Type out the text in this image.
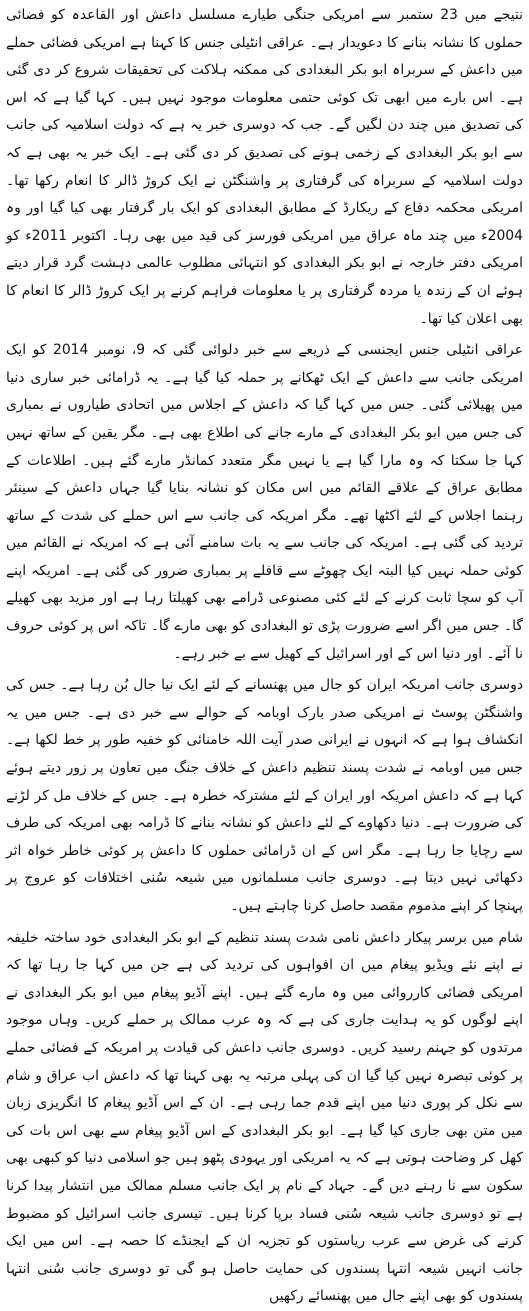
نتیجے میں 23 ستمبر سے امریکی جنگی طیارے مسلسل داعش اور القاعدہ کو فضائی حملوں کا نشانہ بنانے کا دعویدار ہے۔ عراقی انٹیلی جنس کا کہنا ہے امریکی فضائی حملے میں داعش کے سربراہ ابو بکر البغدادی کی ممکنہ ہلاکت کی تحقیقات شروع کر دی گئی ہے۔ اس بارے میں ابھی تک کوئی حتمی معلومات موجود نہیں ہیں۔ کہا گیا ہے کہ اس کی تصدیق میں چند دن لگیں گے۔ جب کہ دوسری خبر یہ ہے کہ دولت اسلامیہ کی جانب سے ابو بکر البغدادی کے زخمی ہونے کی تصدیق کر دی گئی ہے۔ ایک خبر یہ بھی ہے کہ دولت اسلامیہ کے سربراہ کی گرفتاری پر واشنگٹن نے ایک کروڑ ڈالر کا انعام رکھا تھا۔ امریکی محکمہ دفاع کے ریکارڈ کے مطابق البغدادی کو ایک بار گرفتار بھی کیا گیا اور وہ 2004ء میں چند ماہ عراق میں امریکی فورسز کی قید میں بھی رہا۔ اکتوبر 2011ء کو امریکی دفتر خارجہ نے ابو بکر البغدادی کو انتہائی مطلوب عالمی دہشت گرد قرار دیتے ہوئے ان کے زندہ یا مردہ گرفتاری پر یا معلومات فراہم کرنے پر ایک کروڑ ڈالر کا انعام کا بھی اعلان کیا تھا۔

عراقی انٹیلی جنس ایجنسی کے ذریعے سے خبر دلوائی گئی کہ 9، نومبر 2014 کو ایک امریکی جانب سے داعش کے ایک ٹھکانے پر حملہ کیا گیا ہے۔ یہ ڈرامائی خبر ساری دنیا میں پھیلائی گئی۔ جس میں کہا گیا کہ داعش کے اجلاس میں اتحادی طیاروں نے بمباری کی جس میں ابو بکر البغدادی کے مارے جانے کی اطلاع بھی ہے۔ مگر یقین کے ساتھ نہیں کہا جا سکتا کہ وہ مارا گیا ہے یا نہیں مگر متعدد کمانڈر مارے گئے ہیں۔ اطلاعات کے مطابق عراق کے علاقے القائم میں اس مکان کو نشانہ بنایا گیا جہاں داعش کے سینئر رہنما اجلاس کے لئے اکٹھا تھے۔ مگر امریکہ کی جانب سے اس حملے کی شدت کے ساتھ تردید کی گئی ہے۔ امریکہ کی جانب سے یہ بات سامنے آئی ہے کہ امریکہ نے القائم میں کوئی حملہ نہیں کیا البتہ ایک چھوٹے سے قافلے پر بمباری ضرور کی گئی ہے۔ امریکہ اپنے آپ کو سچا ثابت کرنے کے لئے کئی مصنوعی ڈرامے بھی کھیلتا رہا ہے اور مزید بھی کھیلے گا۔ جس میں اگر اسے ضرورت پڑی تو البغدادی کو بھی مارے گا۔ تاکہ اس پر کوئی حروف نا آئے۔ اور دنیا اس کے اور اسرائیل کے کھیل سے بے خبر رہے۔

دوسری جانب امریکہ ایران کو جال میں پھنسانے کے لئے ایک نیا جال بُن رہا ہے۔ جس کی واشنگٹن پوسٹ نے امریکی صدر بارک اوبامہ کے حوالے سے خبر دی ہے۔ جس میں یہ انکشاف ہوا ہے کہ انہوں نے ایرانی صدر آیت اللہ خامنائی کو خفیہ طور پر خط لکھا ہے۔ جس میں اوبامہ نے شدت پسند تنظیم داعش کے خلاف جنگ میں تعاون پر زور دیتے ہوئے کہا ہے کہ داعش امریکہ اور ایران کے لئے مشترکہ خطرہ ہے۔ جس کے خلاف مل کر لڑنے کی ضرورت ہے۔ دنیا دکھاوے کے لئے داعش کو نشانہ بنانے کا ڈرامہ بھی امریکہ کی طرف سے رچایا جا رہا ہے۔ مگر اس کے ان ڈرامائی حملوں کا داعش پر کوئی خاطر خواہ اثر دکھائی نہیں دیتا ہے۔ دوسری جانب مسلمانوں میں شیعہ سُنی اختلافات کو عروج پر پہنچا کر اپنے مذموم مقصد حاصل کرنا چاہتے ہیں۔

شام میں برسر پیکار داعش نامی شدت پسند تنظیم کے ابو بکر البغدادی خود ساختہ خلیفہ نے اپنے نئے ویڈیو پیغام میں ان افواہوں کی تردید کی ہے جن میں کہا جا رہا تھا کہ امریکی فضائی کارروائی میں وہ مارے گئے ہیں۔ اپنے آڈیو پیغام میں ابو بکر البغدادی نے اپنے لوگوں کو یہ ہدایت جاری کی ہے کہ وہ عرب ممالک پر حملے کریں۔ وہاں موجود مرتدوں کو جہنم رسید کریں۔ دوسری جانب داعش کی قیادت پر امریکہ کے فضائی حملے پر کوئی تبصرہ نہیں کیا گیا ان کی پہلی مرتبہ یہ بھی کہنا تھا کہ داعش اب عراق و شام سے نکل کر پوری دنیا میں اپنے قدم جما رہی ہے۔ ان کے اس آڈیو پیغام کا انگریزی زبان میں متن بھی جاری کیا گیا ہے۔ ابو بکر البغدادی کے اس آڈیو پیغام سے بھی اس بات کی کھل کر وضاحت ہوتی ہے کہ یہ امریکی اور یہودی پٹھو ہیں جو اسلامی دنیا کو کبھی بھی سکون سے نا رہنے دیں گے۔ جہاد کے نام پر ایک جانب مسلم ممالک میں انتشار پیدا کرنا ہے تو دوسری جانب شیعہ سُنی فساد برپا کرنا ہیں۔ تیسری جانب اسرائیل کو مضبوط کرنے کی غرض سے عرب ریاستوں کو تجزیہ ان کے ایجنڈے کا حصہ ہے۔ اس میں ایک جانب انہیں شیعہ انتہا پسندوں کی حمایت حاصل ہو گی تو دوسری جانب سُنی انتہا پسندوں کو بھی اپنے جال میں پھنسائے رکھیں
